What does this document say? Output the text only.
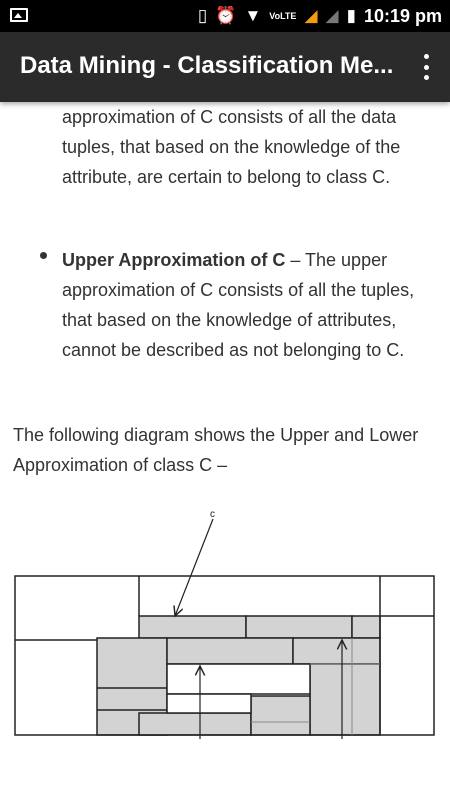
▯ ⏰ ▼ VoLTE ◢ ◢ ▮ 10:19 pm
Data Mining - Classification Me...
approximation of C consists of all the data tuples, that based on the knowledge of the attribute, are certain to belong to class C.
Upper Approximation of C – The upper approximation of C consists of all the tuples, that based on the knowledge of attributes, cannot be described as not belonging to C.
The following diagram shows the Upper and Lower Approximation of class C –
c
